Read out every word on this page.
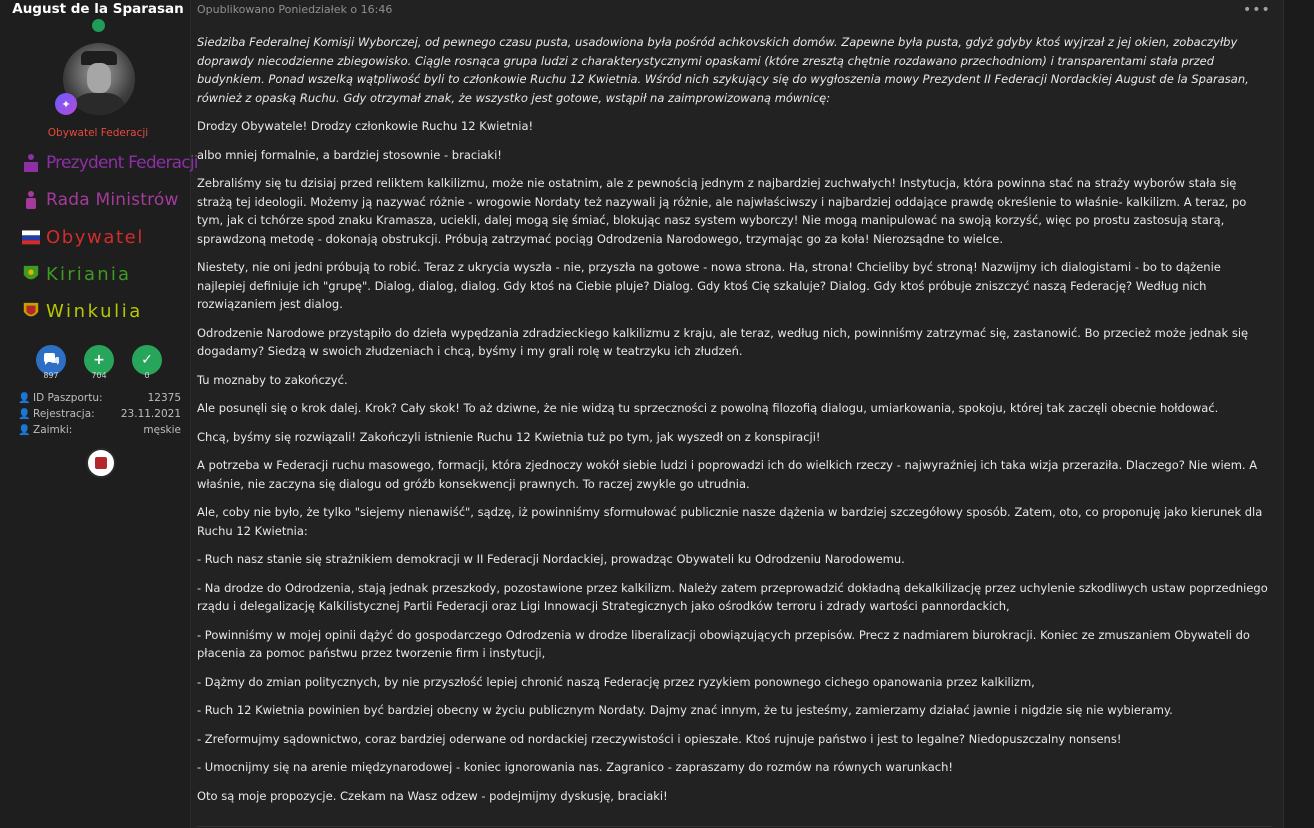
August de la Sparasan
✦
Obywatel Federacji
Prezydent Federacji
Rada Ministrów
Obywatel
Kiriania
Winkulia
897
+
704
✓
0
👤 ID Paszportu:	12375
👤 Rejestracja: 23.11.2021
👤 Zaimki:	męskie
Opublikowano Poniedziałek o 16:46	•••

Siedziba Federalnej Komisji Wyborczej, od pewnego czasu pusta, usadowiona była pośród achkovskich domów. Zapewne była pusta, gdyż gdyby ktoś wyjrzał z jej okien, zobaczyłby doprawdy niecodzienne zbiegowisko. Ciągle rosnąca grupa ludzi z charakterystycznymi opaskami (które zresztą chętnie rozdawano przechodniom) i transparentami stała przed budynkiem. Ponad wszelką wątpliwość byli to członkowie Ruchu 12 Kwietnia. Wśród nich szykujący się do wygłoszenia mowy Prezydent II Federacji Nordackiej August de la Sparasan, również z opaską Ruchu. Gdy otrzymał znak, że wszystko jest gotowe, wstąpił na zaimprowizowaną mównicę:

Drodzy Obywatele! Drodzy członkowie Ruchu 12 Kwietnia!

albo mniej formalnie, a bardziej stosownie - braciaki!

Zebraliśmy się tu dzisiaj przed reliktem kalkilizmu, może nie ostatnim, ale z pewnością jednym z najbardziej zuchwałych! Instytucja, która powinna stać na straży wyborów stała się strażą tej ideologii. Możemy ją nazywać różnie - wrogowie Nordaty też nazywali ją różnie, ale najwłaściwszy i najbardziej oddające prawdę określenie to właśnie- kalkilizm. A teraz, po tym, jak ci tchórze spod znaku Kramasza, uciekli, dalej mogą się śmiać, blokując nasz system wyborczy! Nie mogą manipulować na swoją korzyść, więc po prostu zastosują starą, sprawdzoną metodę - dokonają obstrukcji. Próbują zatrzymać pociąg Odrodzenia Narodowego, trzymając go za koła! Nierozsądne to wielce.

Niestety, nie oni jedni próbują to robić. Teraz z ukrycia wyszła - nie, przyszła na gotowe - nowa strona. Ha, strona! Chcieliby być stroną! Nazwijmy ich dialogistami - bo to dążenie najlepiej definiuje ich "grupę". Dialog, dialog, dialog. Gdy ktoś na Ciebie pluje? Dialog. Gdy ktoś Cię szkaluje? Dialog. Gdy ktoś próbuje zniszczyć naszą Federację? Według nich rozwiązaniem jest dialog.

Odrodzenie Narodowe przystąpiło do dzieła wypędzania zdradzieckiego kalkilizmu z kraju, ale teraz, według nich, powinniśmy zatrzymać się, zastanowić. Bo przecież może jednak się dogadamy? Siedzą w swoich złudzeniach i chcą, byśmy i my grali rolę w teatrzyku ich złudzeń.

Tu moznaby to zakończyć.

Ale posunęli się o krok dalej. Krok? Cały skok! To aż dziwne, że nie widzą tu sprzeczności z powolną filozofią dialogu, umiarkowania, spokoju, której tak zaczęli obecnie hołdować.

Chcą, byśmy się rozwiązali! Zakończyli istnienie Ruchu 12 Kwietnia tuż po tym, jak wyszedł on z konspiracji!

A potrzeba w Federacji ruchu masowego, formacji, która zjednoczy wokół siebie ludzi i poprowadzi ich do wielkich rzeczy - najwyraźniej ich taka wizja przeraziła. Dlaczego? Nie wiem. A właśnie, nie zaczyna się dialogu od gróźb konsekwencji prawnych. To raczej zwykle go utrudnia.

Ale, coby nie było, że tylko "siejemy nienawiść", sądzę, iż powinniśmy sformułować publicznie nasze dążenia w bardziej szczegółowy sposób. Zatem, oto, co proponuję jako kierunek dla Ruchu 12 Kwietnia:

- Ruch nasz stanie się strażnikiem demokracji w II Federacji Nordackiej, prowadząc Obywateli ku Odrodzeniu Narodowemu.

- Na drodze do Odrodzenia, stają jednak przeszkody, pozostawione przez kalkilizm. Należy zatem przeprowadzić dokładną dekalkilizację przez uchylenie szkodliwych ustaw poprzedniego rządu i delegalizację Kalkilistycznej Partii Federacji oraz Ligi Innowacji Strategicznych jako ośrodków terroru i zdrady wartości pannordackich,

- Powinniśmy w mojej opinii dążyć do gospodarczego Odrodzenia w drodze liberalizacji obowiązujących przepisów. Precz z nadmiarem biurokracji. Koniec ze zmuszaniem Obywateli do płacenia za pomoc państwu przez tworzenie firm i instytucji,

- Dążmy do zmian politycznych, by nie przyszłość lepiej chronić naszą Federację przez ryzykiem ponownego cichego opanowania przez kalkilizm,

- Ruch 12 Kwietnia powinien być bardziej obecny w życiu publicznym Nordaty. Dajmy znać innym, że tu jesteśmy, zamierzamy działać jawnie i nigdzie się nie wybieramy.

- Zreformujmy sądownictwo, coraz bardziej oderwane od nordackiej rzeczywistości i opieszałe. Ktoś rujnuje państwo i jest to legalne? Niedopuszczalny nonsens!

- Umocnijmy się na arenie międzynarodowej - koniec ignorowania nas. Zagranico - zapraszamy do rozmów na równych warunkach!

Oto są moje propozycje. Czekam na Wasz odzew - podejmijmy dyskusję, braciaki!
